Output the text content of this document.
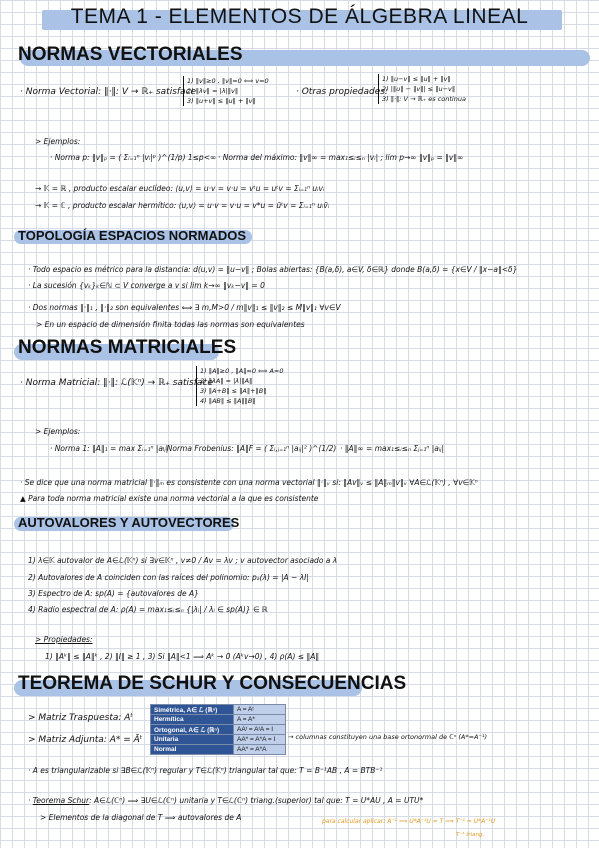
TEMA 1 - ELEMENTOS DE ÁLGEBRA LINEAL
NORMAS VECTORIALES
· Norma Vectorial: ‖·‖: V → ℝ₊ satisface
1) ‖v‖≥0 , ‖v‖=0 ⟺ v=0
2) ‖λv‖ = |λ|‖v‖
3) ‖u+v‖ ≤ ‖u‖ + ‖v‖
· Otras propiedades:
1) ‖u−v‖ ≤ ‖u‖ + ‖v‖
2) |‖u‖ − ‖v‖| ≤ ‖u−v‖
3) ‖·‖: V → ℝ₊ es continua
> Ejemplos:
· Norma p: ‖v‖ₚ = ( Σᵢ₌₁ⁿ |vᵢ|ᵖ )^(1/p) 1≤p<∞ · Norma del máximo: ‖v‖∞ = max₁≤ᵢ≤ₙ |vᵢ| ; lim p→∞ ‖v‖ₚ = ‖v‖∞
→ 𝕂 = ℝ , producto escalar euclídeo: ⟨u,v⟩ = u·v = v·u = vᵗu = uᵗv = Σᵢ₌₁ⁿ uᵢvᵢ
→ 𝕂 = ℂ , producto escalar hermítico: ⟨u,v⟩ = u·v = v·u = v*u = ūᵗv = Σᵢ₌₁ⁿ uᵢv̄ᵢ
TOPOLOGÍA ESPACIOS NORMADOS
· Todo espacio es métrico para la distancia: d(u,v) = ‖u−v‖ ; Bolas abiertas: {B(a,δ), a∈V, δ∈ℝ} donde B(a,δ) = {x∈V / ‖x−a‖<δ}
· La sucesión {vₖ}ₖ∈ℕ ⊂ V converge a v si lim k→∞ ‖vₖ−v‖ = 0
· Dos normas ‖·‖₁ , ‖·‖₂ son equivalentes ⟺ ∃ m,M>0 / m‖v‖₁ ≤ ‖v‖₂ ≤ M‖v‖₁ ∀v∈V
> En un espacio de dimensión finita todas las normas son equivalentes
NORMAS MATRICIALES
· Norma Matricial: ‖·‖: ℒ(𝕂ⁿ) → ℝ₊ satisface
1) ‖A‖≥0 , ‖A‖=0 ⟺ A=0
2) ‖λA‖ = |λ|‖A‖
3) ‖A+B‖ ≤ ‖A‖+‖B‖
4) ‖AB‖ ≤ ‖A‖‖B‖
> Ejemplos:
· Norma 1: ‖A‖₁ = max Σᵢ₌₁ⁿ |aᵢⱼ|
· Norma Frobenius: ‖A‖F = ( Σᵢ,ⱼ₌₁ⁿ |aᵢⱼ|² )^(1/2) · ‖A‖∞ = max₁≤ᵢ≤ₙ Σⱼ₌₁ⁿ |aᵢⱼ|
· Se dice que una norma matricial ‖·‖ₘ es consistente con una norma vectorial ‖·‖ᵥ si: ‖Av‖ᵥ ≤ ‖A‖ₘ‖v‖ᵥ ∀A∈ℒ(𝕂ⁿ) , ∀v∈𝕂ⁿ
▲ Para toda norma matricial existe una norma vectorial a la que es consistente
AUTOVALORES Y AUTOVECTORES
1) λ∈𝕂 autovalor de A∈ℒ(𝕂ⁿ) si ∃v∈𝕂ⁿ , v≠0 / Av = λv ; v autovector asociado a λ
2) Autovalores de A coinciden con las raíces del polinomio: pₐ(λ) = |A − λI|
3) Espectro de A: sp(A) = {autovalores de A}
4) Radio espectral de A: ρ(A) = max₁≤ᵢ≤ₙ {|λᵢ| / λᵢ ∈ sp(A)} ∈ ℝ
> Propiedades:
1) ‖Aᵏ‖ ≤ ‖A‖ᵏ , 2) ‖I‖ ≥ 1 , 3) Si ‖A‖<1 ⟹ Aᵏ → 0 (Aᵏv→0) , 4) ρ(A) ≤ ‖A‖
TEOREMA DE SCHUR Y CONSECUENCIAS
> Matriz Traspuesta: Aᵗ
> Matriz Adjunta: A* = Āᵗ
Simétrica, A∈ ℒ (ℝⁿ)	A = Aᵗ
Hermítica	A = A*
Ortogonal, A∈ ℒ (ℝⁿ)	AAᵗ = AᵗA = I
Unitaria	AA* = A*A = I
Normal	AA* = A*A
→ columnas constituyen una base ortonormal de ℂⁿ (A*=A⁻¹)
· A es triangularizable si ∃B∈ℒ(𝕂ⁿ) regular y T∈ℒ(𝕂ⁿ) triangular tal que: T = B⁻¹AB , A = BTB⁻¹
· Teorema Schur: A∈ℒ(ℂⁿ) ⟹ ∃U∈ℒ(ℂⁿ) unitaria y T∈ℒ(ℂⁿ) triang.(superior) tal que: T = U*AU , A = UTU*
> Elementos de la diagonal de T ⟹ autovalores de A	para calcular aplicar: A⁻¹ ⟹ U*A⁻¹U = T ⟹ T⁻¹ = U*A⁻¹U
T⁻¹ triang.
